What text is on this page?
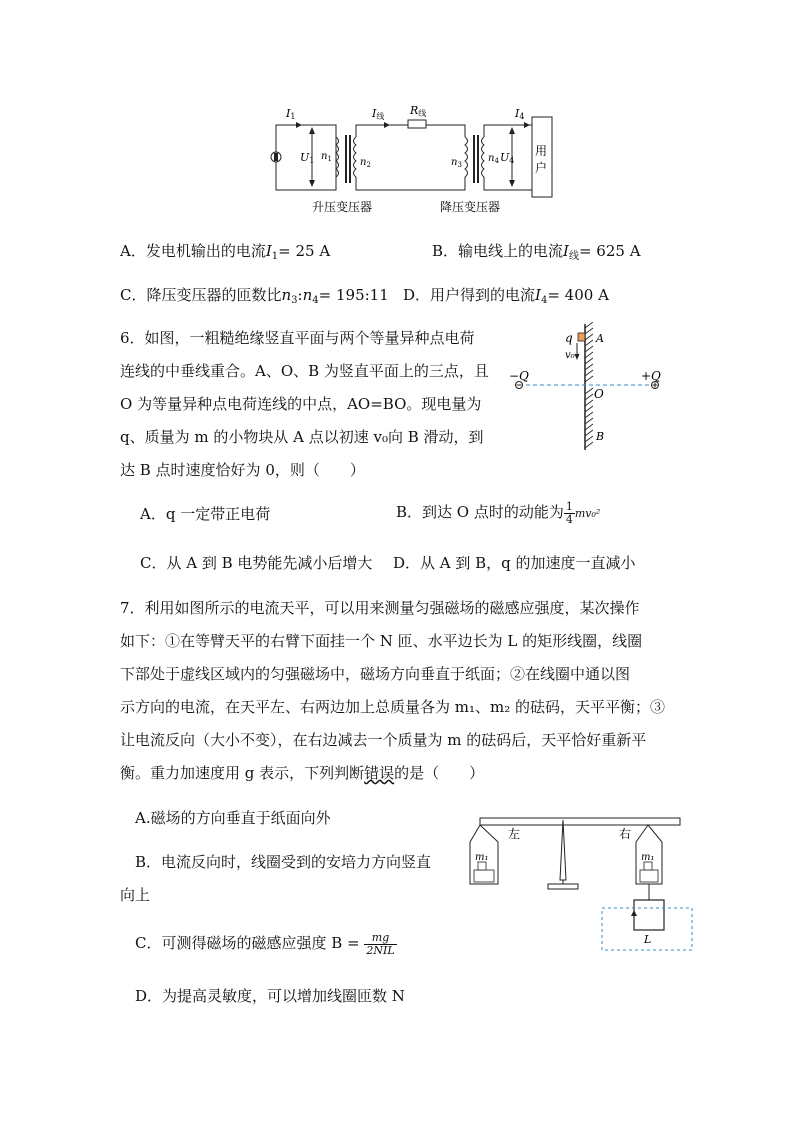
I1	I线 R线	I4
U1 $n_1$	$n_2$	$n_3$
$n_4$ U4
用
户
升压变压器	降压变压器
A．发电机输出的电流$I_1= 25$ A	B．输电线上的电流$I_线= 625$ A
C．降压变压器的匝数比$n_3:n_4=$ 195:11 D．用户得到的电流$I_4= 400$ A
6．如图，一粗糙绝缘竖直平面与两个等量异种点电荷
连线的中垂线重合。A、O、B 为竖直平面上的三点，且
O 为等量异种点电荷连线的中点，AO=BO。现电量为
q、质量为 m 的小物块从 A 点以初速 v₀向 B 滑动，到
达 B 点时速度恰好为 0，则（　　）
q A
v₀
−Q	+Q
O
B
A．q 一定带正电荷	B．到达 O 点时的动能为 $\frac{1}{4} mv_0^2$
C．从 A 到 B 电势能先减小后增大 D．从 A 到 B，q 的加速度一直减小
7．利用如图所示的电流天平，可以用来测量匀强磁场的磁感应强度，某次操作
如下：①在等臂天平的右臂下面挂一个 N 匝、水平边长为 L 的矩形线圈，线圈
下部处于虚线区域内的匀强磁场中，磁场方向垂直于纸面；②在线圈中通以图
示方向的电流，在天平左、右两边加上总质量各为 m₁、m₂ 的砝码，天平平衡；③
让电流反向（大小不变），在右边减去一个质量为 m 的砝码后，天平恰好重新平
衡。重力加速度用 g 表示，下列判断错误的是（　　）
A.磁场的方向垂直于纸面向外
B．电流反向时，线圈受到的安培力方向竖直
向上
C．可测得磁场的磁感应强度 $B = \frac{mg}{\text{2NIL}}$
D．为提高灵敏度，可以增加线圈匝数 N
左	右
m₁	m₁
L
